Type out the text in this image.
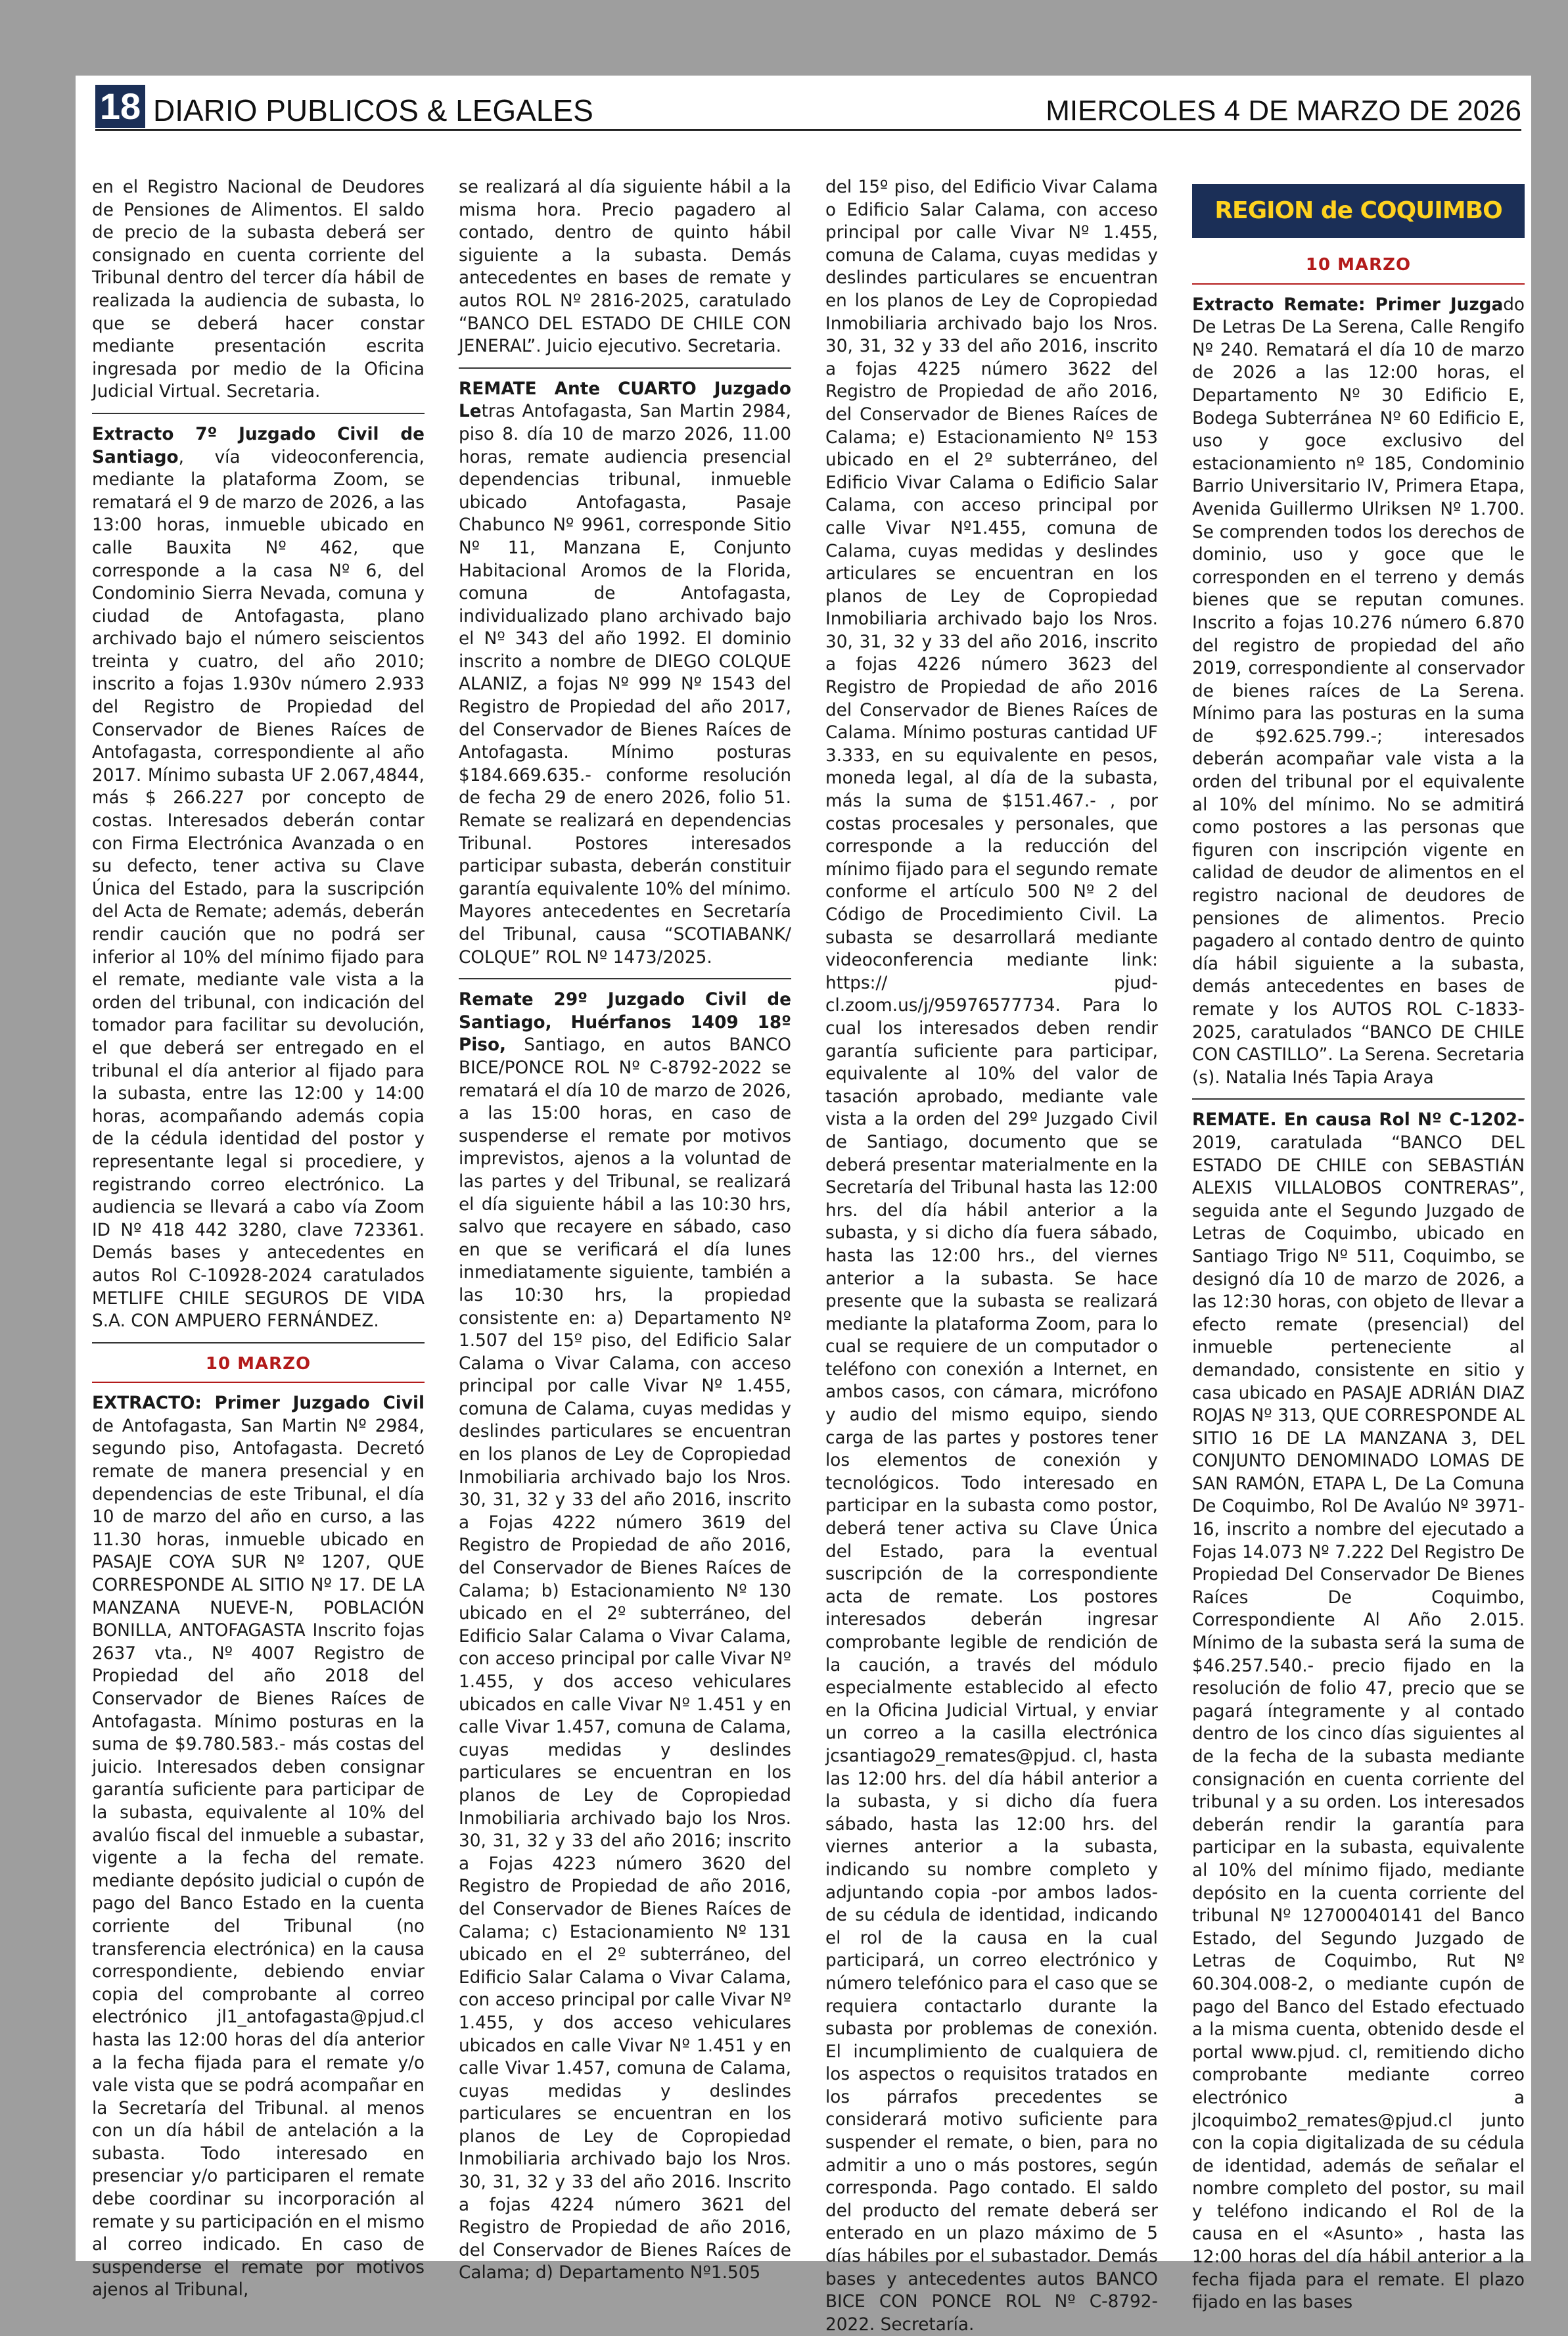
18 DIARIO PUBLICOS & LEGALES	MIERCOLES 4 DE MARZO DE 2026

en el Registro Nacional de Deudores de Pensiones de Alimentos. El saldo de precio de la subasta deberá ser consignado en cuenta corriente del Tribunal dentro del tercer día hábil de realizada la audiencia de subasta, lo que se deberá hacer constar mediante presentación escrita ingresada por medio de la Oficina Judicial Virtual. Secretaria.

Extracto 7º Juzgado Civil de Santiago, vía videoconferencia, mediante la plataforma Zoom, se rematará el 9 de marzo de 2026, a las 13:00 horas, inmueble ubicado en calle Bauxita Nº 462, que corresponde a la casa Nº 6, del Condominio Sierra Nevada, comuna y ciudad de Antofagasta, plano archivado bajo el número seiscientos treinta y cuatro, del año 2010; inscrito a fojas 1.930v número 2.933 del Registro de Propiedad del Conservador de Bienes Raíces de Antofagasta, correspondiente al año 2017. Mínimo subasta UF 2.067,4844, más $ 266.227 por concepto de costas. Interesados deberán contar con Firma Electrónica Avanzada o en su defecto, tener activa su Clave Única del Estado, para la suscripción del Acta de Remate; además, deberán rendir caución que no podrá ser inferior al 10% del mínimo fijado para el remate, mediante vale vista a la orden del tribunal, con indicación del tomador para facilitar su devolución, el que deberá ser entregado en el tribunal el día anterior al fijado para la subasta, entre las 12:00 y 14:00 horas, acompañando además copia de la cédula identidad del postor y representante legal si procediere, y registrando correo electrónico. La audiencia se llevará a cabo vía Zoom ID Nº 418 442 3280, clave 723361. Demás bases y antecedentes en autos Rol C-10928-2024 caratulados METLIFE CHILE SEGUROS DE VIDA S.A. CON AMPUERO FERNÁNDEZ.

10 MARZO

EXTRACTO: Primer Juzgado Civil de Antofagasta, San Martin Nº 2984, segundo piso, Antofagasta. Decretó remate de manera presencial y en dependencias de este Tribunal, el día 10 de marzo del año en curso, a las 11.30 horas, inmueble ubicado en PASAJE COYA SUR Nº 1207, QUE CORRESPONDE AL SITIO Nº 17. DE LA MANZANA NUEVE-N, POBLACIÓN BONILLA, ANTOFAGASTA Inscrito fojas 2637 vta., Nº 4007 Registro de Propiedad del año 2018 del Conservador de Bienes Raíces de Antofagasta. Mínimo posturas en la suma de $9.780.583.- más costas del juicio. Interesados deben consignar garantía suficiente para participar de la subasta, equivalente al 10% del avalúo fiscal del inmueble a subastar, vigente a la fecha del remate. mediante depósito judicial o cupón de pago del Banco Estado en la cuenta corriente del Tribunal (no transferencia electrónica) en la causa correspondiente, debiendo enviar copia del comprobante al correo electrónico jl1_antofagasta@pjud.cl hasta las 12:00 horas del día anterior a la fecha fijada para el remate y/o vale vista que se podrá acompañar en la Secretaría del Tribunal. al menos con un día hábil de antelación a la subasta. Todo interesado en presenciar y/o participaren el remate debe coordinar su incorporación al remate y su participación en el mismo al correo indicado. En caso de suspenderse el remate por motivos ajenos al Tribunal,

se realizará al día siguiente hábil a la misma hora. Precio pagadero al contado, dentro de quinto hábil siguiente a la subasta. Demás antecedentes en bases de remate y autos ROL Nº 2816-2025, caratulado “BANCO DEL ESTADO DE CHILE CON JENERAL”. Juicio ejecutivo. Secretaria.

REMATE Ante CUARTO Juzgado Letras Antofagasta, San Martin 2984, piso 8. día 10 de marzo 2026, 11.00 horas, remate audiencia presencial dependencias tribunal, inmueble ubicado Antofagasta, Pasaje Chabunco Nº 9961, corresponde Sitio Nº 11, Manzana E, Conjunto Habitacional Aromos de la Florida, comuna de Antofagasta, individualizado plano archivado bajo el Nº 343 del año 1992. El dominio inscrito a nombre de DIEGO COLQUE ALANIZ, a fojas Nº 999 Nº 1543 del Registro de Propiedad del año 2017, del Conservador de Bienes Raíces de Antofagasta. Mínimo posturas $184.669.635.- conforme resolución de fecha 29 de enero 2026, folio 51. Remate se realizará en dependencias Tribunal. Postores interesados participar subasta, deberán constituir garantía equivalente 10% del mínimo. Mayores antecedentes en Secretaría del Tribunal, causa “SCOTIABANK/ COLQUE” ROL Nº 1473/2025.

Remate 29º Juzgado Civil de Santiago, Huérfanos 1409 18º Piso, Santiago, en autos BANCO BICE/PONCE ROL Nº C-8792-2022 se rematará el día 10 de marzo de 2026, a las 15:00 horas, en caso de suspenderse el remate por motivos imprevistos, ajenos a la voluntad de las partes y del Tribunal, se realizará el día siguiente hábil a las 10:30 hrs, salvo que recayere en sábado, caso en que se verificará el día lunes inmediatamente siguiente, también a las 10:30 hrs, la propiedad consistente en: a) Departamento Nº 1.507 del 15º piso, del Edificio Salar Calama o Vivar Calama, con acceso principal por calle Vivar Nº 1.455, comuna de Calama, cuyas medidas y deslindes particulares se encuentran en los planos de Ley de Copropiedad Inmobiliaria archivado bajo los Nros. 30, 31, 32 y 33 del año 2016, inscrito a Fojas 4222 número 3619 del Registro de Propiedad de año 2016, del Conservador de Bienes Raíces de Calama; b) Estacionamiento Nº 130 ubicado en el 2º subterráneo, del Edificio Salar Calama o Vivar Calama, con acceso principal por calle Vivar Nº 1.455, y dos acceso vehiculares ubicados en calle Vivar Nº 1.451 y en calle Vivar 1.457, comuna de Calama, cuyas medidas y deslindes particulares se encuentran en los planos de Ley de Copropiedad Inmobiliaria archivado bajo los Nros. 30, 31, 32 y 33 del año 2016; inscrito a Fojas 4223 número 3620 del Registro de Propiedad de año 2016, del Conservador de Bienes Raíces de Calama; c) Estacionamiento Nº 131 ubicado en el 2º subterráneo, del Edificio Salar Calama o Vivar Calama, con acceso principal por calle Vivar Nº 1.455, y dos acceso vehiculares ubicados en calle Vivar Nº 1.451 y en calle Vivar 1.457, comuna de Calama, cuyas medidas y deslindes particulares se encuentran en los planos de Ley de Copropiedad Inmobiliaria archivado bajo los Nros. 30, 31, 32 y 33 del año 2016. Inscrito a fojas 4224 número 3621 del Registro de Propiedad de año 2016, del Conservador de Bienes Raíces de Calama; d) Departamento Nº1.505

del 15º piso, del Edificio Vivar Calama o Edificio Salar Calama, con acceso principal por calle Vivar Nº 1.455, comuna de Calama, cuyas medidas y deslindes particulares se encuentran en los planos de Ley de Copropiedad Inmobiliaria archivado bajo los Nros. 30, 31, 32 y 33 del año 2016, inscrito a fojas 4225 número 3622 del Registro de Propiedad de año 2016, del Conservador de Bienes Raíces de Calama; e) Estacionamiento Nº 153 ubicado en el 2º subterráneo, del Edificio Vivar Calama o Edificio Salar Calama, con acceso principal por calle Vivar Nº1.455, comuna de Calama, cuyas medidas y deslindes articulares se encuentran en los planos de Ley de Copropiedad Inmobiliaria archivado bajo los Nros. 30, 31, 32 y 33 del año 2016, inscrito a fojas 4226 número 3623 del Registro de Propiedad de año 2016 del Conservador de Bienes Raíces de Calama. Mínimo posturas cantidad UF 3.333, en su equivalente en pesos, moneda legal, al día de la subasta, más la suma de $151.467.- , por costas procesales y personales, que corresponde a la reducción del mínimo fijado para el segundo remate conforme el artículo 500 Nº 2 del Código de Procedimiento Civil. La subasta se desarrollará mediante videoconferencia mediante link: https:// pjud-cl.zoom.us/j/95976577734. Para lo cual los interesados deben rendir garantía suficiente para participar, equivalente al 10% del valor de tasación aprobado, mediante vale vista a la orden del 29º Juzgado Civil de Santiago, documento que se deberá presentar materialmente en la Secretaría del Tribunal hasta las 12:00 hrs. del día hábil anterior a la subasta, y si dicho día fuera sábado, hasta las 12:00 hrs., del viernes anterior a la subasta. Se hace presente que la subasta se realizará mediante la plataforma Zoom, para lo cual se requiere de un computador o teléfono con conexión a Internet, en ambos casos, con cámara, micrófono y audio del mismo equipo, siendo carga de las partes y postores tener los elementos de conexión y tecnológicos. Todo interesado en participar en la subasta como postor, deberá tener activa su Clave Única del Estado, para la eventual suscripción de la correspondiente acta de remate. Los postores interesados deberán ingresar comprobante legible de rendición de la caución, a través del módulo especialmente establecido al efecto en la Oficina Judicial Virtual, y enviar un correo a la casilla electrónica jcsantiago29_remates@pjud. cl, hasta las 12:00 hrs. del día hábil anterior a la subasta, y si dicho día fuera sábado, hasta las 12:00 hrs. del viernes anterior a la subasta, indicando su nombre completo y adjuntando copia -por ambos lados- de su cédula de identidad, indicando el rol de la causa en la cual participará, un correo electrónico y número telefónico para el caso que se requiera contactarlo durante la subasta por problemas de conexión. El incumplimiento de cualquiera de los aspectos o requisitos tratados en los párrafos precedentes se considerará motivo suficiente para suspender el remate, o bien, para no admitir a uno o más postores, según corresponda. Pago contado. El saldo del producto del remate deberá ser enterado en un plazo máximo de 5 días hábiles por el subastador. Demás bases y antecedentes autos BANCO BICE CON PONCE ROL Nº C-8792-2022. Secretaría.

REGION de COQUIMBO
10 MARZO

Extracto Remate: Primer Juzgado De Letras De La Serena, Calle Rengifo Nº 240. Rematará el día 10 de marzo de 2026 a las 12:00 horas, el Departamento Nº 30 Edificio E, Bodega Subterránea Nº 60 Edificio E, uso y goce exclusivo del estacionamiento nº 185, Condominio Barrio Universitario IV, Primera Etapa, Avenida Guillermo Ulriksen Nº 1.700. Se comprenden todos los derechos de dominio, uso y goce que le corresponden en el terreno y demás bienes que se reputan comunes. Inscrito a fojas 10.276 número 6.870 del registro de propiedad del año 2019, correspondiente al conservador de bienes raíces de La Serena. Mínimo para las posturas en la suma de $92.625.799.-; interesados deberán acompañar vale vista a la orden del tribunal por el equivalente al 10% del mínimo. No se admitirá como postores a las personas que figuren con inscripción vigente en calidad de deudor de alimentos en el registro nacional de deudores de pensiones de alimentos. Precio pagadero al contado dentro de quinto día hábil siguiente a la subasta, demás antecedentes en bases de remate y los AUTOS ROL C-1833-2025, caratulados “BANCO DE CHILE CON CASTILLO”. La Serena. Secretaria (s). Natalia Inés Tapia Araya

REMATE. En causa Rol Nº C-1202-2019, caratulada “BANCO DEL ESTADO DE CHILE con SEBASTIÁN ALEXIS VILLALOBOS CONTRERAS”, seguida ante el Segundo Juzgado de Letras de Coquimbo, ubicado en Santiago Trigo Nº 511, Coquimbo, se designó día 10 de marzo de 2026, a las 12:30 horas, con objeto de llevar a efecto remate (presencial) del inmueble perteneciente al demandado, consistente en sitio y casa ubicado en PASAJE ADRIÁN DIAZ ROJAS Nº 313, QUE CORRESPONDE AL SITIO 16 DE LA MANZANA 3, DEL CONJUNTO DENOMINADO LOMAS DE SAN RAMÓN, ETAPA L, De La Comuna De Coquimbo, Rol De Avalúo Nº 3971-16, inscrito a nombre del ejecutado a Fojas 14.073 Nº 7.222 Del Registro De Propiedad Del Conservador De Bienes Raíces De Coquimbo, Correspondiente Al Año 2.015. Mínimo de la subasta será la suma de $46.257.540.- precio fijado en la resolución de folio 47, precio que se pagará íntegramente y al contado dentro de los cinco días siguientes al de la fecha de la subasta mediante consignación en cuenta corriente del tribunal y a su orden. Los interesados deberán rendir la garantía para participar en la subasta, equivalente al 10% del mínimo fijado, mediante depósito en la cuenta corriente del tribunal Nº 12700040141 del Banco Estado, del Segundo Juzgado de Letras de Coquimbo, Rut Nº 60.304.008-2, o mediante cupón de pago del Banco del Estado efectuado a la misma cuenta, obtenido desde el portal www.pjud. cl, remitiendo dicho comprobante mediante correo electrónico a jlcoquimbo2_remates@pjud.cl junto con la copia digitalizada de su cédula de identidad, además de señalar el nombre completo del postor, su mail y teléfono indicando el Rol de la causa en el «Asunto» , hasta las 12:00 horas del día hábil anterior a la fecha fijada para el remate. El plazo fijado en las bases
